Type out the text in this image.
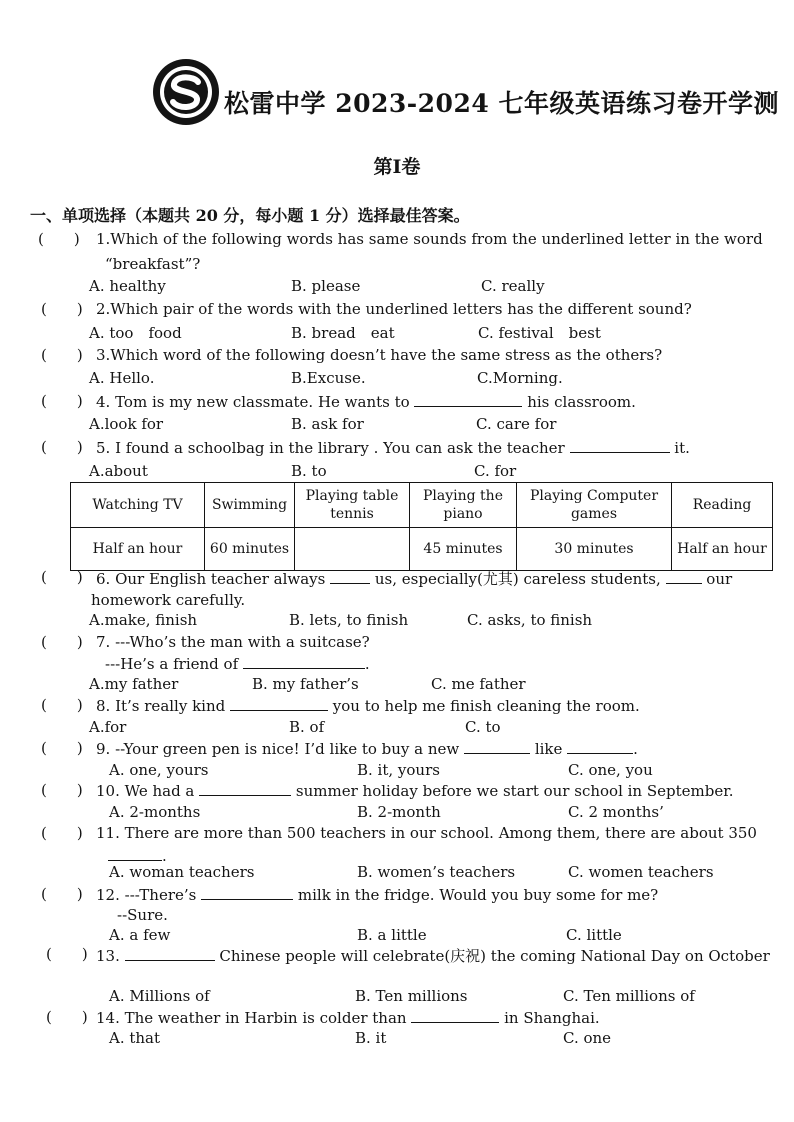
松雷中学 2023-2024 七年级英语练习卷开学测
第Ⅰ卷
一、单项选择（本题共 20 分，每小题 1 分）选择最佳答案。
(  ) 1.Which of the following words has same sounds from the underlined letter in the word
“breakfast”?
A. healthy	B. please	C. really
(  ) 2.Which pair of the words with the underlined letters has the different sound?
A. too food	B. bread eat	C. festival best
(  ) 3.Which word of the following doesn’t have the same stress as the others?
A. Hello.	B.Excuse.	C.Morning.
(  ) 4. Tom is my new classmate. He wants to	his classroom.
A.look for	B. ask for	C. care for
(  ) 5. I found a schoolbag in the library . You can ask the teacher	it.
A.about	B. to	C. for
Watching TV	Swimming	Playing table tennis	Playing the piano	Playing Computer games	Reading
Half an hour	60 minutes		45 minutes	30 minutes	Half an hour
(  ) 6. Our English teacher always	us, especially(尤其) careless students,  our
homework carefully.
A.make, finish	B. lets, to finish	C. asks, to finish
(  ) 7. ---Who’s the man with a suitcase?
---He’s a friend of	.
A.my father	B. my father’s	C. me father
(  ) 8. It’s really kind	you to help me finish cleaning the room.
A.for	B. of	C. to
(  ) 9. --Your green pen is nice! I’d like to buy a new	like	.
A. one, yours	B. it, yours	C. one, you
(  ) 10. We had a	summer holiday before we start our school in September.
A. 2-months	B. 2-month	C. 2 months’
(  ) 11. There are more than 500 teachers in our school. Among them, there are about 350
.
A. woman teachers	B. women’s teachers	C. women teachers
(  ) 12. ---There’s	milk in the fridge. Would you buy some for me?
--Sure.
A. a few	B. a little	C. little
(  ) 13.	Chinese people will celebrate(庆祝) the coming National Day on October
A. Millions of	B. Ten millions	C. Ten millions of
(  ) 14. The weather in Harbin is colder than	in Shanghai.
A. that	B. it	C. one
